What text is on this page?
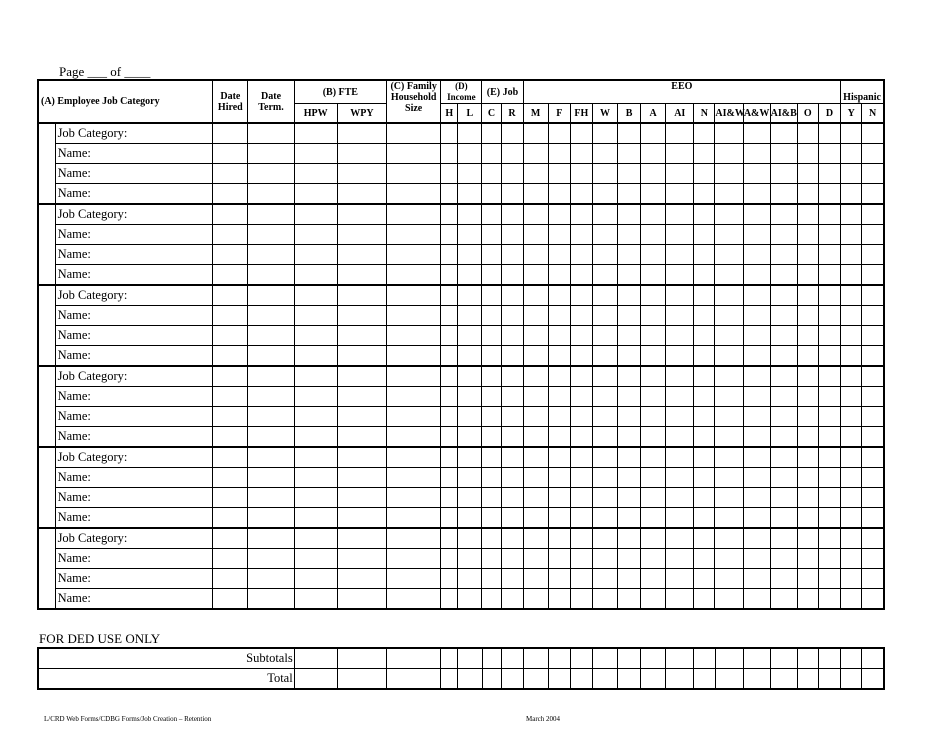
Page ___ of ____
(A) Employee Job Category		Date Hired	Date Term.	(B) FTE		(C) Family Household Size	(D) Income		(E) Job		EEO													Hispanic	
				HPW	WPY		H	L	C	R	M	F	FH	W	B	A	AI	N	AI&W	A&W	AI&B	O	D	Y	N
	Job Category:																								
	Name:																								
	Name:																								
	Name:																								
	Job Category:																								
	Name:																								
	Name:																								
	Name:																								
	Job Category:																								
	Name:																								
	Name:																								
	Name:																								
	Job Category:																								
	Name:																								
	Name:																								
	Name:																								
	Job Category:																								
	Name:																								
	Name:																								
	Name:																								
	Job Category:																								
	Name:																								
	Name:																								
	Name:																								
FOR DED USE ONLY
Subtotals																						
Total																						
L/CRD Web Forms/CDBG Forms/Job Creation – Retention	March 2004
